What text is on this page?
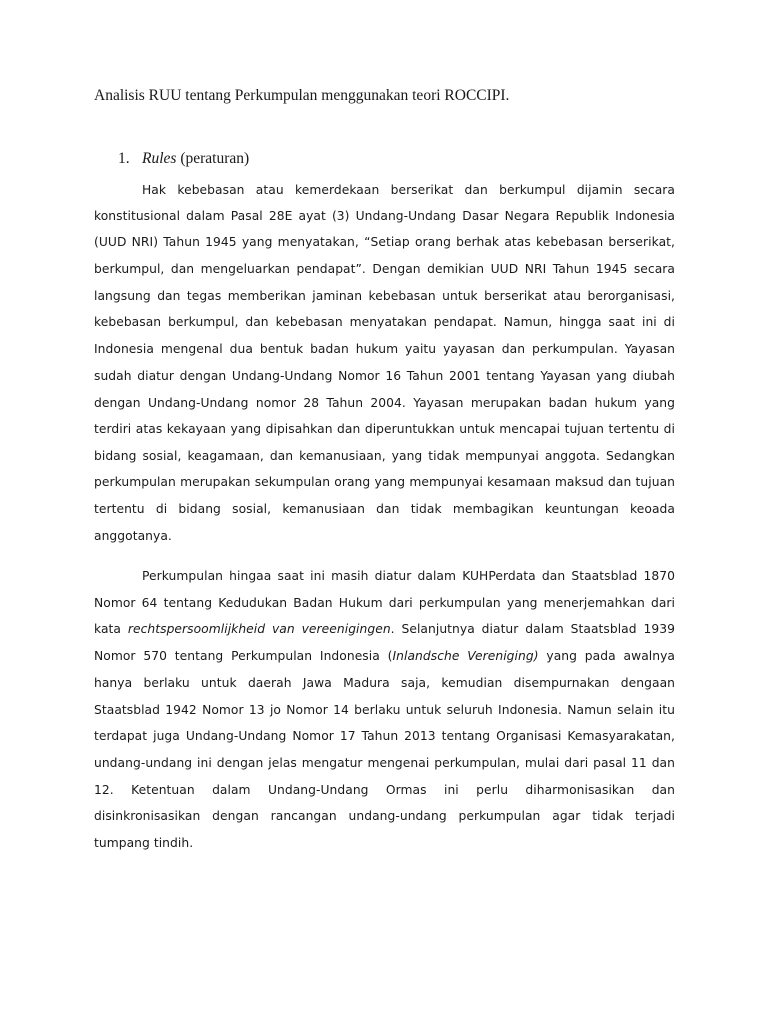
Analisis RUU tentang Perkumpulan menggunakan teori ROCCIPI.
1. Rules (peraturan)
Hak kebebasan atau kemerdekaan berserikat dan berkumpul dijamin secara
konstitusional dalam Pasal 28E ayat (3) Undang-Undang Dasar Negara Republik Indonesia
(UUD NRI) Tahun 1945 yang menyatakan, “Setiap orang berhak atas kebebasan berserikat,
berkumpul, dan mengeluarkan pendapat”. Dengan demikian UUD NRI Tahun 1945 secara
langsung dan tegas memberikan jaminan kebebasan untuk berserikat atau berorganisasi,
kebebasan berkumpul, dan kebebasan menyatakan pendapat. Namun, hingga saat ini di
Indonesia mengenal dua bentuk badan hukum yaitu yayasan dan perkumpulan. Yayasan
sudah diatur dengan Undang-Undang Nomor 16 Tahun 2001 tentang Yayasan yang diubah
dengan Undang-Undang nomor 28 Tahun 2004. Yayasan merupakan badan hukum yang
terdiri atas kekayaan yang dipisahkan dan diperuntukkan untuk mencapai tujuan tertentu di
bidang sosial, keagamaan, dan kemanusiaan, yang tidak mempunyai anggota. Sedangkan
perkumpulan merupakan sekumpulan orang yang mempunyai kesamaan maksud dan tujuan
tertentu di bidang sosial, kemanusiaan dan tidak membagikan keuntungan keoada
anggotanya.
Perkumpulan hingaa saat ini masih diatur dalam KUHPerdata dan Staatsblad 1870
Nomor 64 tentang Kedudukan Badan Hukum dari perkumpulan yang menerjemahkan dari
kata rechtspersoomlijkheid van vereenigingen. Selanjutnya diatur dalam Staatsblad 1939
Nomor 570 tentang Perkumpulan Indonesia (Inlandsche Vereniging) yang pada awalnya
hanya berlaku untuk daerah Jawa Madura saja, kemudian disempurnakan dengaan
Staatsblad 1942 Nomor 13 jo Nomor 14 berlaku untuk seluruh Indonesia. Namun selain itu
terdapat juga Undang-Undang Nomor 17 Tahun 2013 tentang Organisasi Kemasyarakatan,
undang-undang ini dengan jelas mengatur mengenai perkumpulan, mulai dari pasal 11 dan
12. Ketentuan dalam Undang-Undang Ormas ini perlu diharmonisasikan dan
disinkronisasikan dengan rancangan undang-undang perkumpulan agar tidak terjadi
tumpang tindih.
